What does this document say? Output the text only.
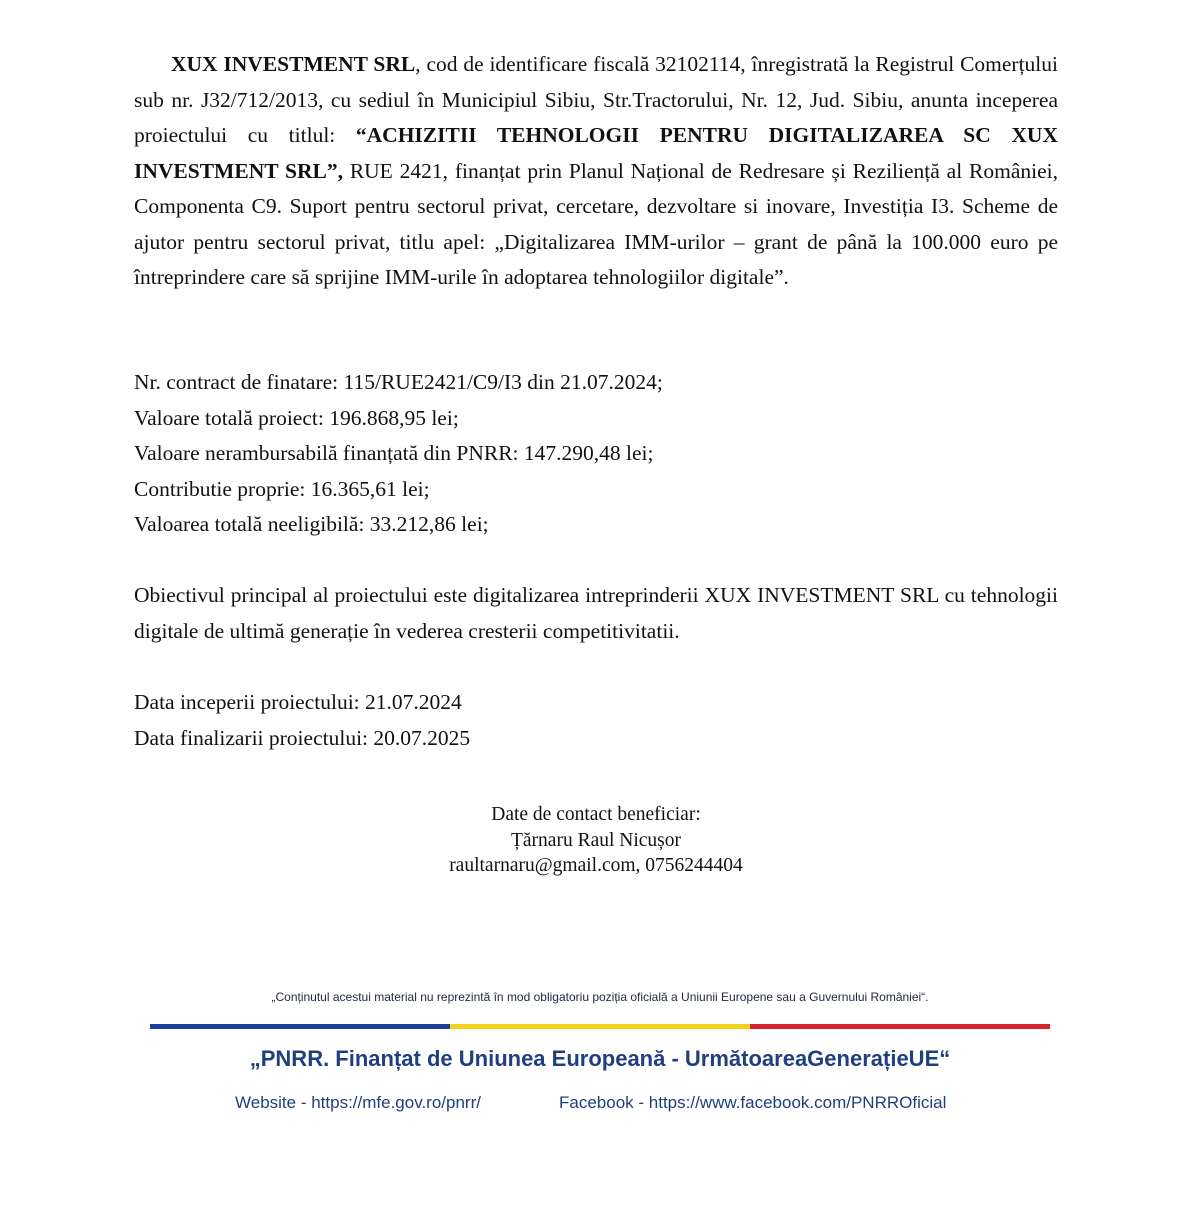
XUX INVESTMENT SRL, cod de identificare fiscală 32102114, înregistrată la Registrul Comerțului sub nr. J32/712/2013, cu sediul în Municipiul Sibiu, Str.Tractorului, Nr. 12, Jud. Sibiu, anunta inceperea proiectului cu titlul: “ACHIZITII TEHNOLOGII PENTRU DIGITALIZAREA SC XUX INVESTMENT SRL”, RUE 2421, finanțat prin Planul Național de Redresare și Reziliență al României, Componenta C9. Suport pentru sectorul privat, cercetare, dezvoltare si inovare, Investiția I3. Scheme de ajutor pentru sectorul privat, titlu apel: „Digitalizarea IMM-urilor – grant de până la 100.000 euro pe întreprindere care să sprijine IMM-urile în adoptarea tehnologiilor digitale”.

Nr. contract de finatare: 115/RUE2421/C9/I3 din 21.07.2024;
Valoare totală proiect: 196.868,95 lei;
Valoare nerambursabilă finanțată din PNRR: 147.290,48 lei;
Contributie proprie: 16.365,61 lei;
Valoarea totală neeligibilă: 33.212,86 lei;

Obiectivul principal al proiectului este digitalizarea intreprinderii XUX INVESTMENT SRL cu tehnologii digitale de ultimă generație în vederea cresterii competitivitatii.

Data inceperii proiectului: 21.07.2024
Data finalizarii proiectului: 20.07.2025
Date de contact beneficiar:
Țărnaru Raul Nicușor
raultarnaru@gmail.com, 0756244404
„Conținutul acestui material nu reprezintă în mod obligatoriu poziția oficială a Uniunii Europene sau a Guvernului României“.
„PNRR. Finanțat de Uniunea Europeană - UrmătoareaGenerațieUE“
Website - https://mfe.gov.ro/pnrr/	Facebook - https://www.facebook.com/PNRROficial
